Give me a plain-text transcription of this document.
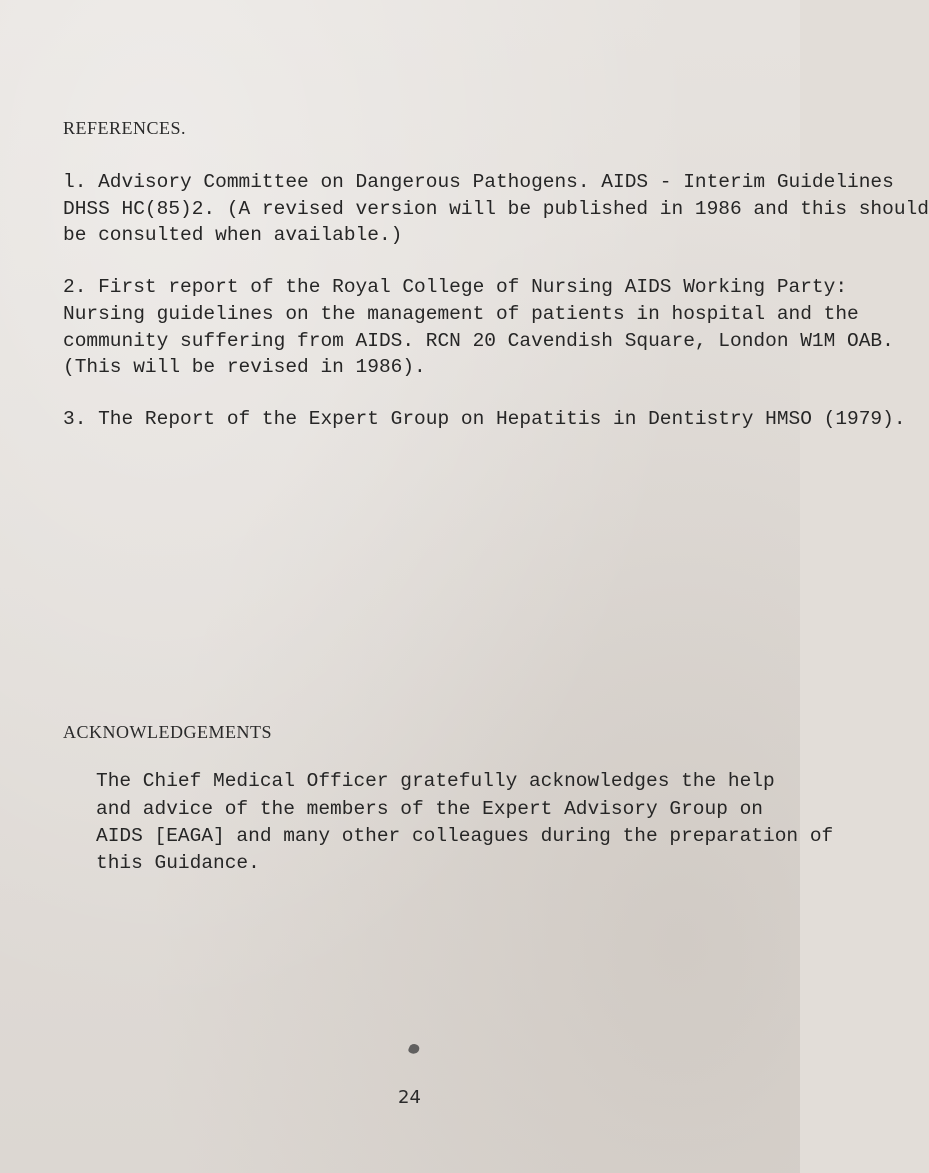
REFERENCES.
l. Advisory Committee on Dangerous Pathogens. AIDS - Interim Guidelines
DHSS HC(85)2. (A revised version will be published in 1986 and this should
be consulted when available.)
2. First report of the Royal College of Nursing AIDS Working Party:
Nursing guidelines on the management of patients in hospital and the
community suffering from AIDS. RCN 20 Cavendish Square, London W1M OAB.
(This will be revised in 1986).
3. The Report of the Expert Group on Hepatitis in Dentistry HMSO (1979).
ACKNOWLEDGEMENTS
The Chief Medical Officer gratefully acknowledges the help
and advice of the members of the Expert Advisory Group on
AIDS [EAGA] and many other colleagues during the preparation of
this Guidance.
24
